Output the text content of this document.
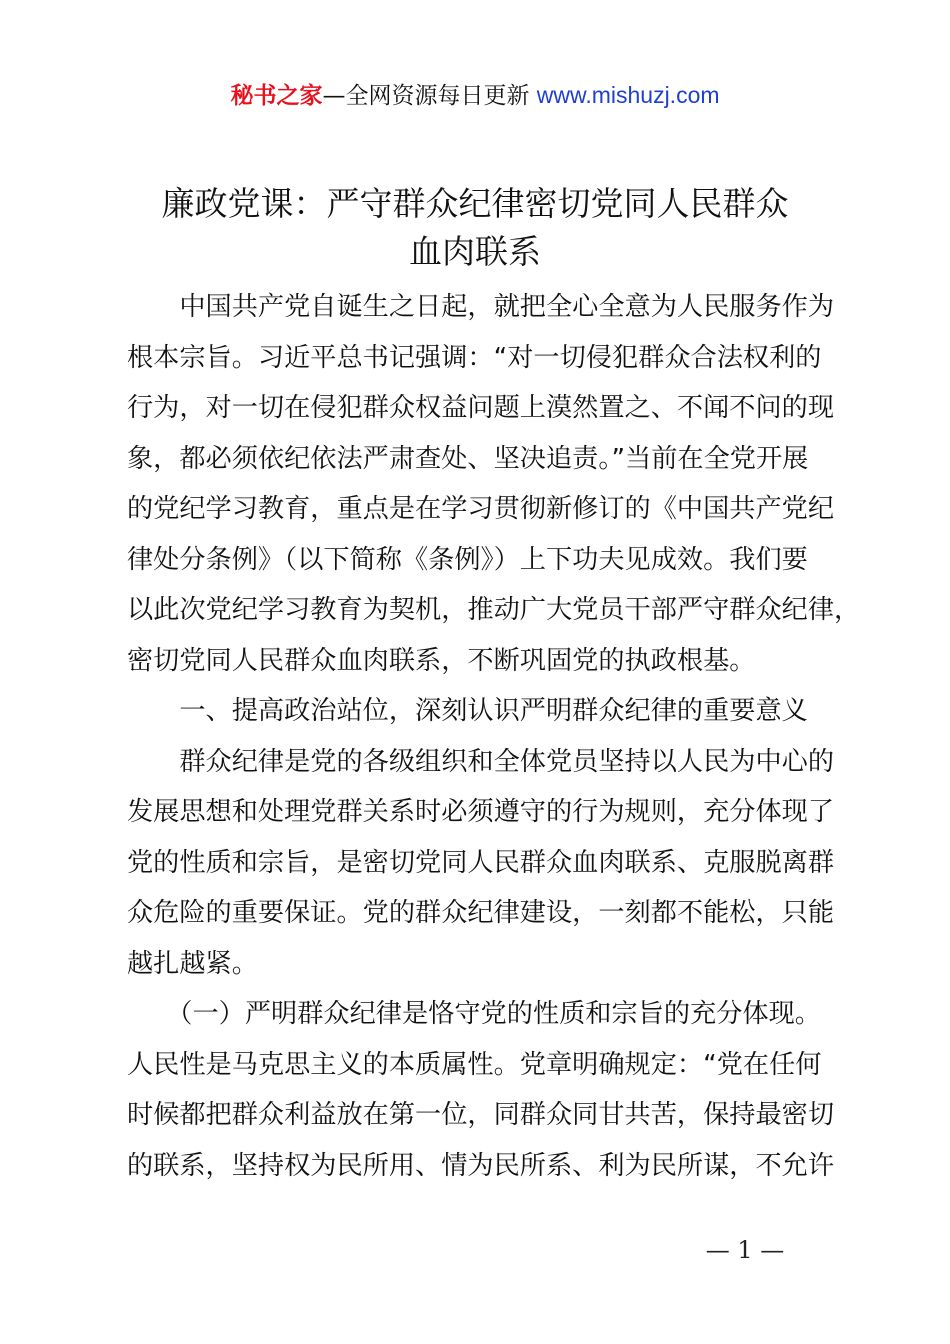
秘书之家—全网资源每日更新 www.mishuzj.com
廉政党课：严守群众纪律密切党同人民群众
血肉联系

　　中国共产党自诞生之日起，就把全心全意为人民服务作为

根本宗旨。习近平总书记强调：“对一切侵犯群众合法权利的

行为，对一切在侵犯群众权益问题上漠然置之、不闻不问的现

象，都必须依纪依法严肃查处、坚决追责。”当前在全党开展

的党纪学习教育，重点是在学习贯彻新修订的《中国共产党纪

律处分条例》（以下简称《条例》）上下功夫见成效。我们要

以此次党纪学习教育为契机，推动广大党员干部严守群众纪律，

密切党同人民群众血肉联系，不断巩固党的执政根基。

　　一、提高政治站位，深刻认识严明群众纪律的重要意义

　　群众纪律是党的各级组织和全体党员坚持以人民为中心的

发展思想和处理党群关系时必须遵守的行为规则，充分体现了

党的性质和宗旨，是密切党同人民群众血肉联系、克服脱离群

众危险的重要保证。党的群众纪律建设，一刻都不能松，只能

越扎越紧。

　　（一）严明群众纪律是恪守党的性质和宗旨的充分体现。

人民性是马克思主义的本质属性。党章明确规定：“党在任何

时候都把群众利益放在第一位，同群众同甘共苦，保持最密切

的联系，坚持权为民所用、情为民所系、利为民所谋，不允许

— 1 —
